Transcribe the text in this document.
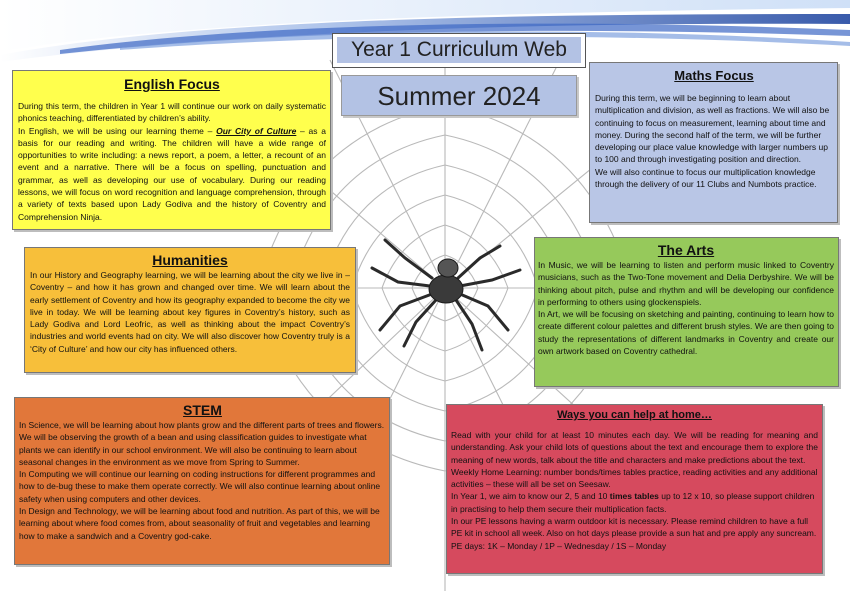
Year 1 Curriculum Web
Summer 2024

English Focus

During this term, the children in Year 1 will continue our work on daily systematic phonics teaching, differentiated by children’s ability.

In English, we will be using our learning theme – Our City of Culture – as a basis for our reading and writing. The children will have a wide range of opportunities to write including: a news report, a poem, a letter, a recount of an event and a narrative. There will be a focus on spelling, punctuation and grammar, as well as developing our use of vocabulary. During our reading lessons, we will focus on word recognition and language comprehension, through a variety of texts based upon Lady Godiva and the history of Coventry and Comprehension Ninja.

Maths Focus

During this term, we will be beginning to learn about multiplication and division, as well as fractions. We will also be continuing to focus on measurement, learning about time and money. During the second half of the term, we will be further developing our place value knowledge with larger numbers up to 100 and through investigating position and direction.

We will also continue to focus our multiplication knowledge through the delivery of our 11 Clubs and Numbots practice.

Humanities

In our History and Geography learning, we will be learning about the city we live in – Coventry – and how it has grown and changed over time. We will learn about the early settlement of Coventry and how its geography expanded to become the city we live in today. We will be learning about key figures in Coventry’s history, such as Lady Godiva and Lord Leofric, as well as thinking about the impact Coventry’s industries and world events had on city. We will also discover how Coventry truly is a ‘City of Culture’ and how our city has influenced others.

The Arts

In Music, we will be learning to listen and perform music linked to Coventry musicians, such as the Two-Tone movement and Delia Derbyshire. We will be thinking about pitch, pulse and rhythm and will be developing our confidence in performing to others using glockenspiels.

In Art, we will be focusing on sketching and painting, continuing to learn how to create different colour palettes and different brush styles. We are then going to study the representations of different landmarks in Coventry and create our own artwork based on Coventry cathedral.

STEM

In Science, we will be learning about how plants grow and the different parts of trees and flowers. We will be observing the growth of a bean and using classification guides to investigate what plants we can identify in our school environment. We will also be continuing to learn about seasonal changes in the environment as we move from Spring to Summer.

In Computing we will continue our learning on coding instructions for different programmes and how to de-bug these to make them operate correctly. We will also continue learning about online safety when using computers and other devices.

In Design and Technology, we will be learning about food and nutrition. As part of this, we will be learning about where food comes from, about seasonality of fruit and vegetables and learning how to make a sandwich and a Coventry god-cake.

Ways you can help at home…

Read with your child for at least 10 minutes each day. We will be reading for meaning and understanding. Ask your child lots of questions about the text and encourage them to explore the meaning of new words, talk about the title and characters and make predictions about the text.

Weekly Home Learning: number bonds/times tables practice, reading activities and any additional activities – these will all be set on Seesaw.

In Year 1, we aim to know our 2, 5 and 10 times tables up to 12 x 10, so please support children in practising to help them secure their multiplication facts.

In our PE lessons having a warm outdoor kit is necessary. Please remind children to have a full PE kit in school all week. Also on hot days please provide a sun hat and pre apply any suncream. PE days: 1K – Monday / 1P – Wednesday / 1S – Monday
